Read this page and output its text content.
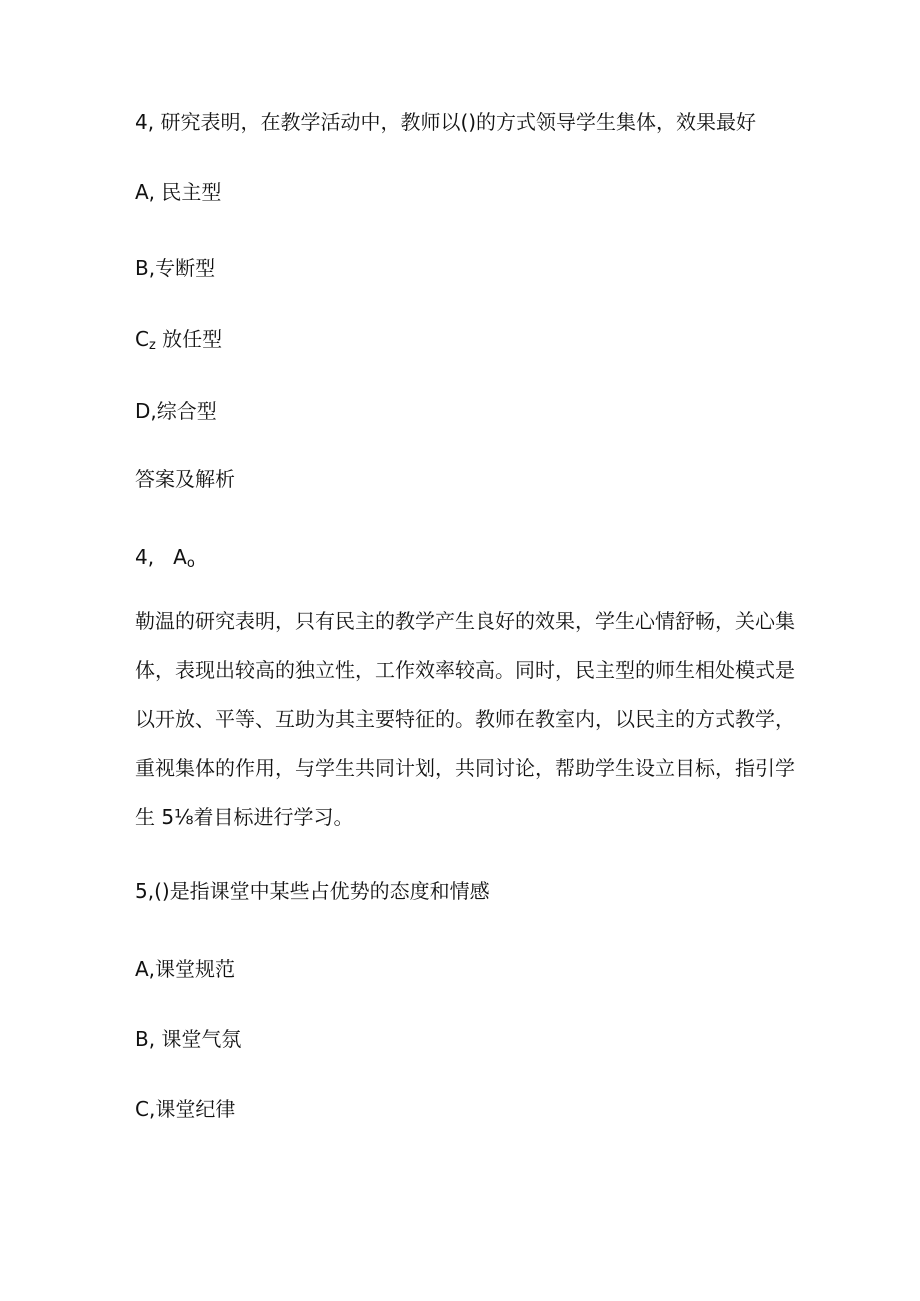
4, 研究表明，在教学活动中，教师以()的方式领导学生集体，效果最好
A, 民主型
B,专断型
$C_z$ 放任型
D,综合型
答案及解析
4, $A_o$
勒温的研究表明，只有民主的教学产生良好的效果，学生心情舒畅，关心集
体，表现出较高的独立性，工作效率较高。同时，民主型的师生相处模式是
以开放、平等、互助为其主要特征的。教师在教室内，以民主的方式教学，
重视集体的作用，与学生共同计划，共同讨论，帮助学生设立目标，指引学
生 5⅛着目标进行学习。
5,()是指课堂中某些占优势的态度和情感
A,课堂规范
B, 课堂气氛
C,课堂纪律
